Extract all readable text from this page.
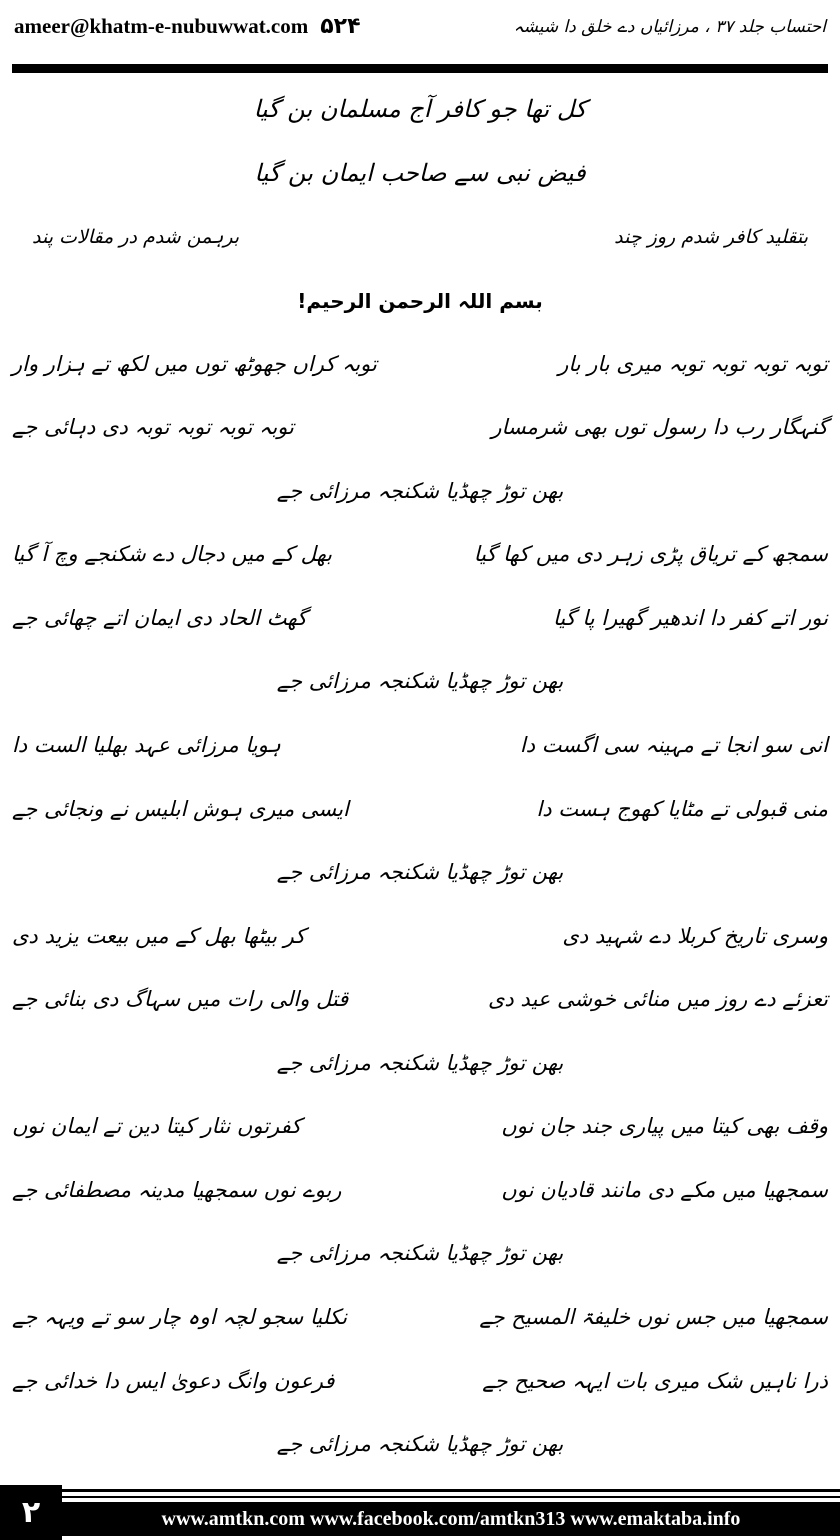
ameer@khatm-e-nubuwwat.com ۵۲۴	احتساب جلد ۳۷ ، مرزائیاں دے خلق دا شیشہ
کل تھا جو کافر آج مسلمان بن گیا
فیض نبی سے صاحب ایمان بن گیا
بتقلید کافر شدم روز چند
برہمن شدم در مقالات پند
بسم اللہ الرحمن الرحیم!
توبہ توبہ توبہ توبہ میری بار بار
توبہ کراں جھوٹھ توں میں لکھ تے ہزار وار
گنہگار رب دا رسول توں بھی شرمسار
توبہ توبہ توبہ توبہ دی دہائی جے
بھن توڑ چھڈیا شکنجہ مرزائی جے
سمجھ کے تریاق پڑی زہر دی میں کھا گیا
بھل کے میں دجال دے شکنجے وچ آ گیا
نور اتے کفر دا اندھیر گھیرا پا گیا
گھٹ الحاد دی ایمان اتے چھائی جے
بھن توڑ چھڈیا شکنجہ مرزائی جے
انی سو انجا تے مہینہ سی اگست دا
ہویا مرزائی عہد بھلیا الست دا
منی قبولی تے مٹایا کھوج ہست دا
ایسی میری ہوش ابلیس نے ونجائی جے
بھن توڑ چھڈیا شکنجہ مرزائی جے
وسری تاریخ کربلا دے شہید دی
کر بیٹھا بھل کے میں بیعت یزید دی
تعزئے دے روز میں منائی خوشی عید دی
قتل والی رات میں سہاگ دی بنائی جے
بھن توڑ چھڈیا شکنجہ مرزائی جے
وقف بھی کیتا میں پیاری جند جان نوں
کفرتوں نثار کیتا دین تے ایمان نوں
سمجھیا میں مکے دی مانند قادیان نوں
ربوے نوں سمجھیا مدینہ مصطفائی جے
بھن توڑ چھڈیا شکنجہ مرزائی جے
سمجھیا میں جس نوں خلیفۃ المسیح جے
نکلیا سجو لچہ اوہ چار سو تے ویہہ جے
ذرا ناہیں شک میری بات ایہہ صحیح جے
فرعون وانگ دعویٰ ایس دا خدائی جے
بھن توڑ چھڈیا شکنجہ مرزائی جے
۲	www.amtkn.com www.facebook.com/amtkn313 www.emaktaba.info
